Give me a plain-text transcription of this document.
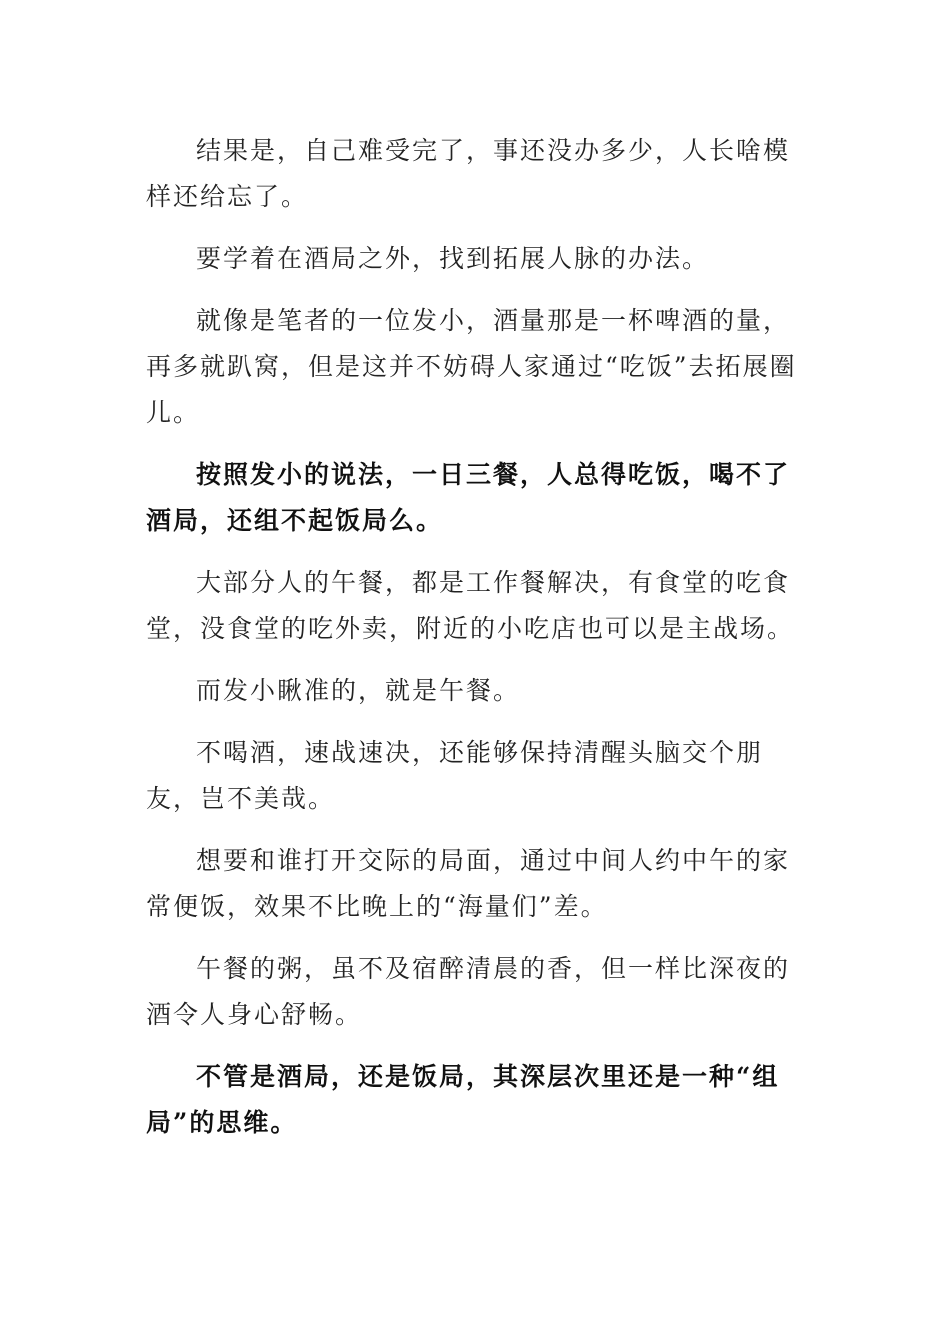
结果是，自己难受完了，事还没办多少，人长啥模样还给忘了。

要学着在酒局之外，找到拓展人脉的办法。

就像是笔者的一位发小，酒量那是一杯啤酒的量，再多就趴窝，但是这并不妨碍人家通过“吃饭”去拓展圈儿。

按照发小的说法，一日三餐，人总得吃饭，喝不了酒局，还组不起饭局么。

大部分人的午餐，都是工作餐解决，有食堂的吃食堂，没食堂的吃外卖，附近的小吃店也可以是主战场。

而发小瞅准的，就是午餐。

不喝酒，速战速决，还能够保持清醒头脑交个朋友，岂不美哉。

想要和谁打开交际的局面，通过中间人约中午的家常便饭，效果不比晚上的“海量们”差。

午餐的粥，虽不及宿醉清晨的香，但一样比深夜的酒令人身心舒畅。

不管是酒局，还是饭局，其深层次里还是一种“组局”的思维。
